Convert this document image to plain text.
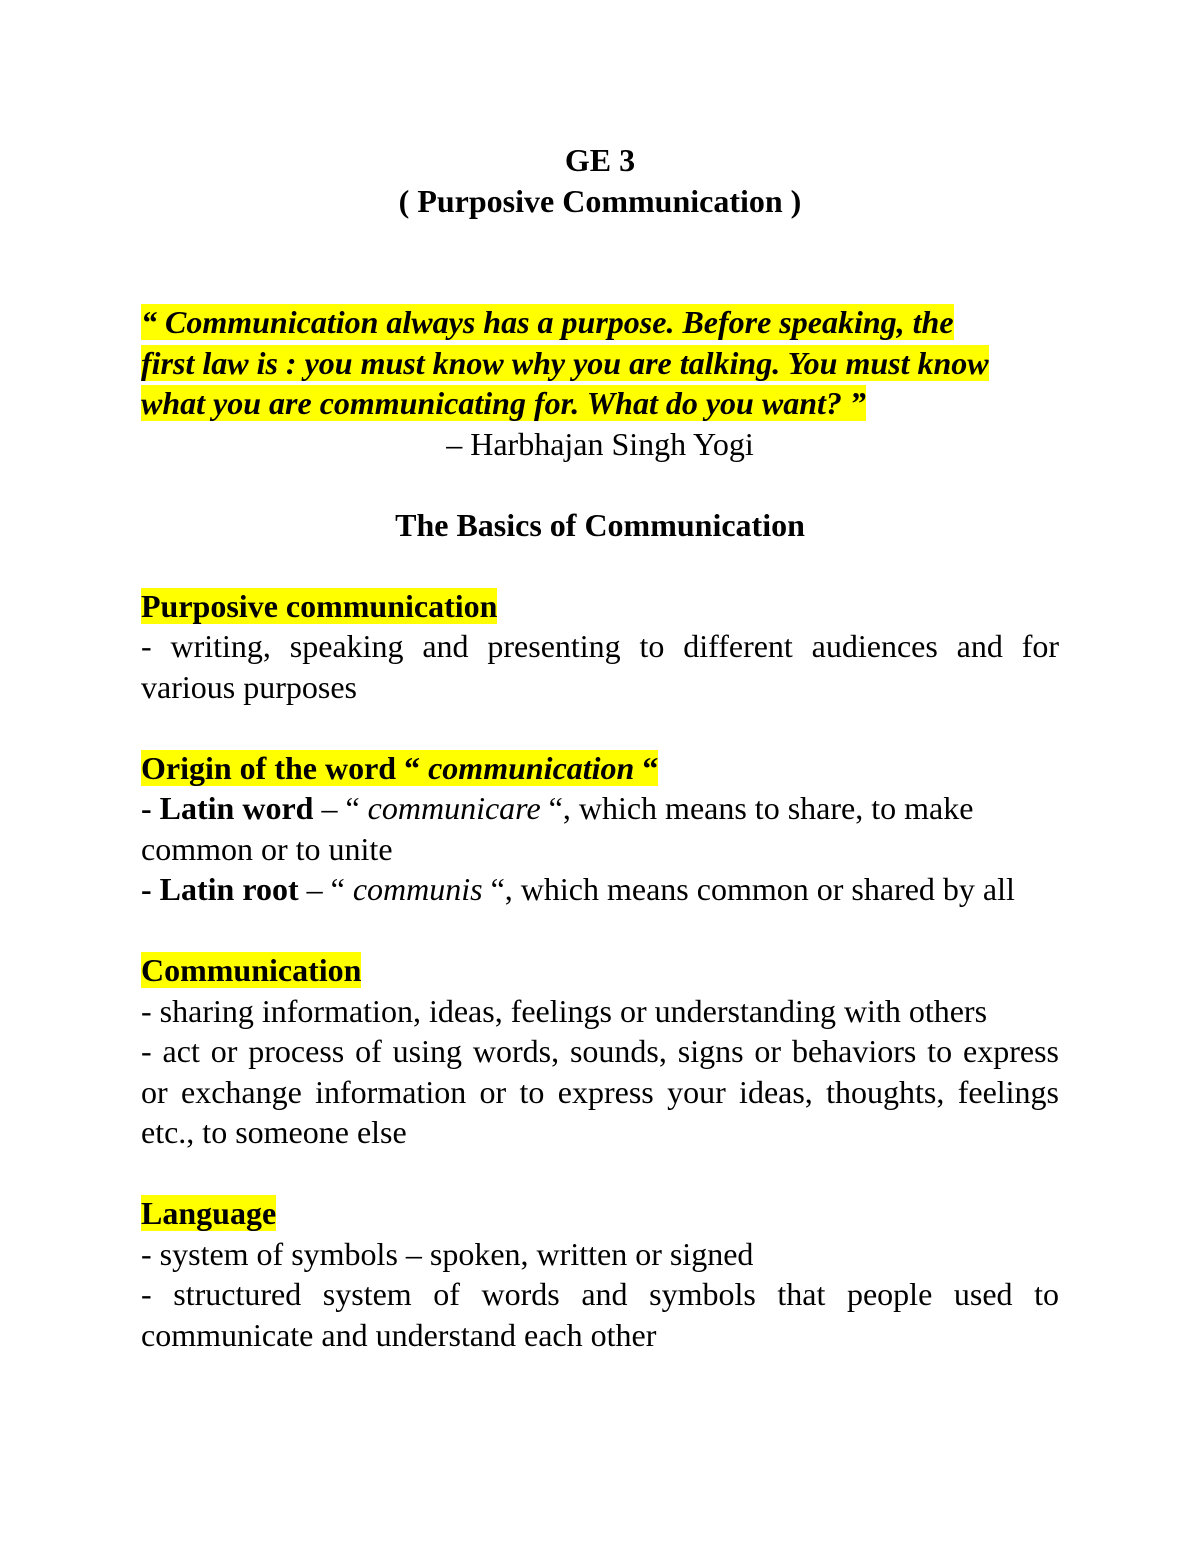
GE 3

( Purposive Communication )

“ Communication always has a purpose. Before speaking, the

first law is : you must know why you are talking. You must know

what you are communicating for. What do you want? ”

– Harbhajan Singh Yogi

The Basics of Communication

Purposive communication

- writing, speaking and presenting to different audiences and for various purposes

Origin of the word “ communication “

- Latin word – “ communicare “, which means to share, to make common or to unite

- Latin root – “ communis “, which means common or shared by all

Communication

- sharing information, ideas, feelings or understanding with others

- act or process of using words, sounds, signs or behaviors to express or exchange information or to express your ideas, thoughts, feelings etc., to someone else

Language

- system of symbols – spoken, written or signed

- structured system of words and symbols that people used to communicate and understand each other
